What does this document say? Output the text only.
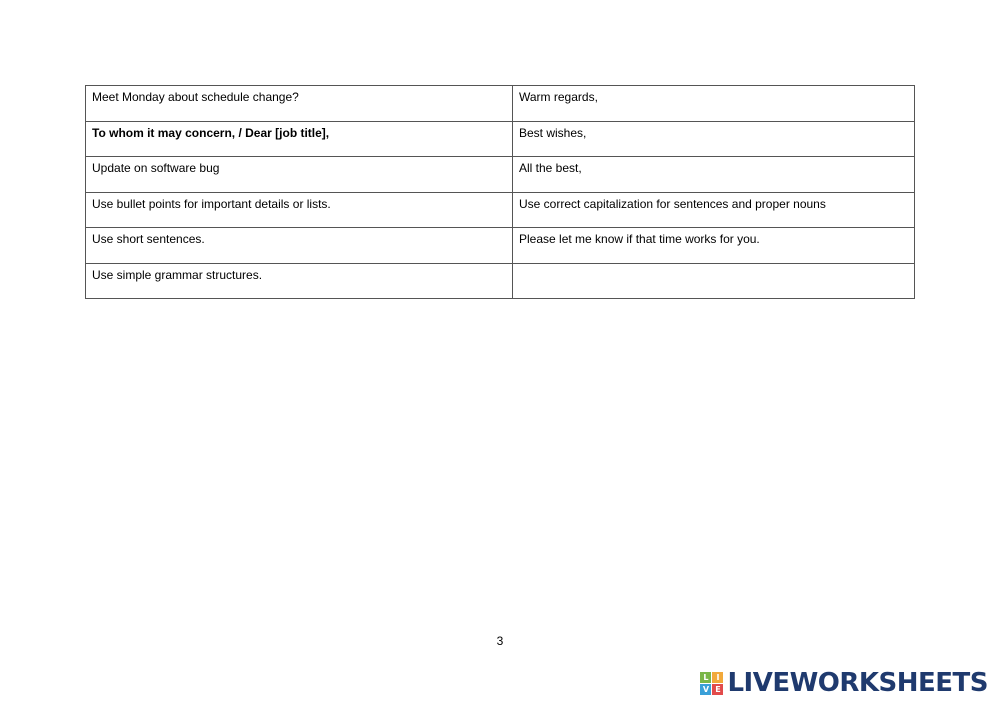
Meet Monday about schedule change?	Warm regards,
To whom it may concern, / Dear [job title],	Best wishes,
Update on software bug	All the best,
Use bullet points for important details or lists.	Use correct capitalization for sentences and proper nouns
Use short sentences.	Please let me know if that time works for you.
Use simple grammar structures.	
3
L I
V E LIVEWORKSHEETS
